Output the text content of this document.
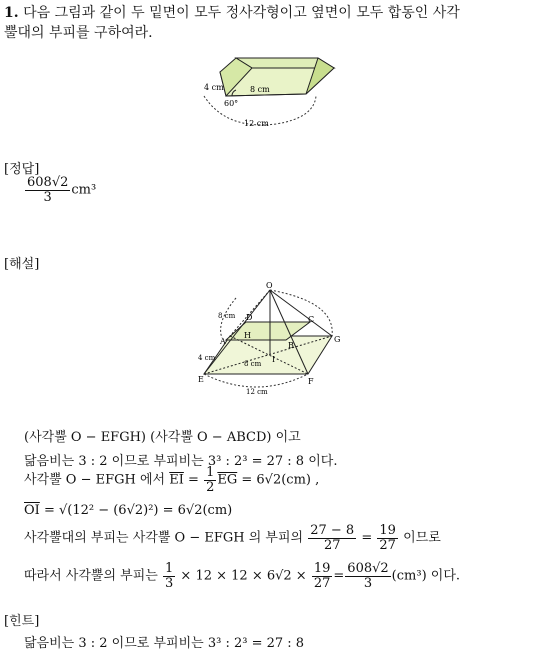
1. 다음 그림과 같이 두 밑면이 모두 정사각형이고 옆면이 모두 합동인 사각
뿔대의 부피를 구하여라.
4 cm	8 cm
60°
12 cm
[정답]
$\frac{608√2}{3} cm^3$
[해설]
O
A	B
C
D
E	F
G
H
I
8 cm
4 cm
8 cm
12 cm
(사각뿔 O − EFGH) (사각뿔 O − ABCD) 이고
닮음비는 3 : 2 이므로 부피비는 3³ : 2³ = 27 : 8 이다.
사각뿔 O − EFGH 에서 $\overline{EI} = \frac{1}{2} \overline{EG} = 6√2(cm)$ ,
$\overline{OI} = √(12^2 - (6√2)^2) = 6√2(cm)$
사각뿔대의 부피는 사각뿔 O − EFGH 의 부피의 $\frac{27 - 8}{27} = \frac{19}{27}$ 이므로
따라서 사각뿔의 부피는 $\frac{1}{3} \times 12 \times 12 \times 6√2 \times \frac{19}{27} = \frac{608√2}{3} (cm^3)$ 이다.
[힌트]
닮음비는 3 : 2 이므로 부피비는 3³ : 2³ = 27 : 8
